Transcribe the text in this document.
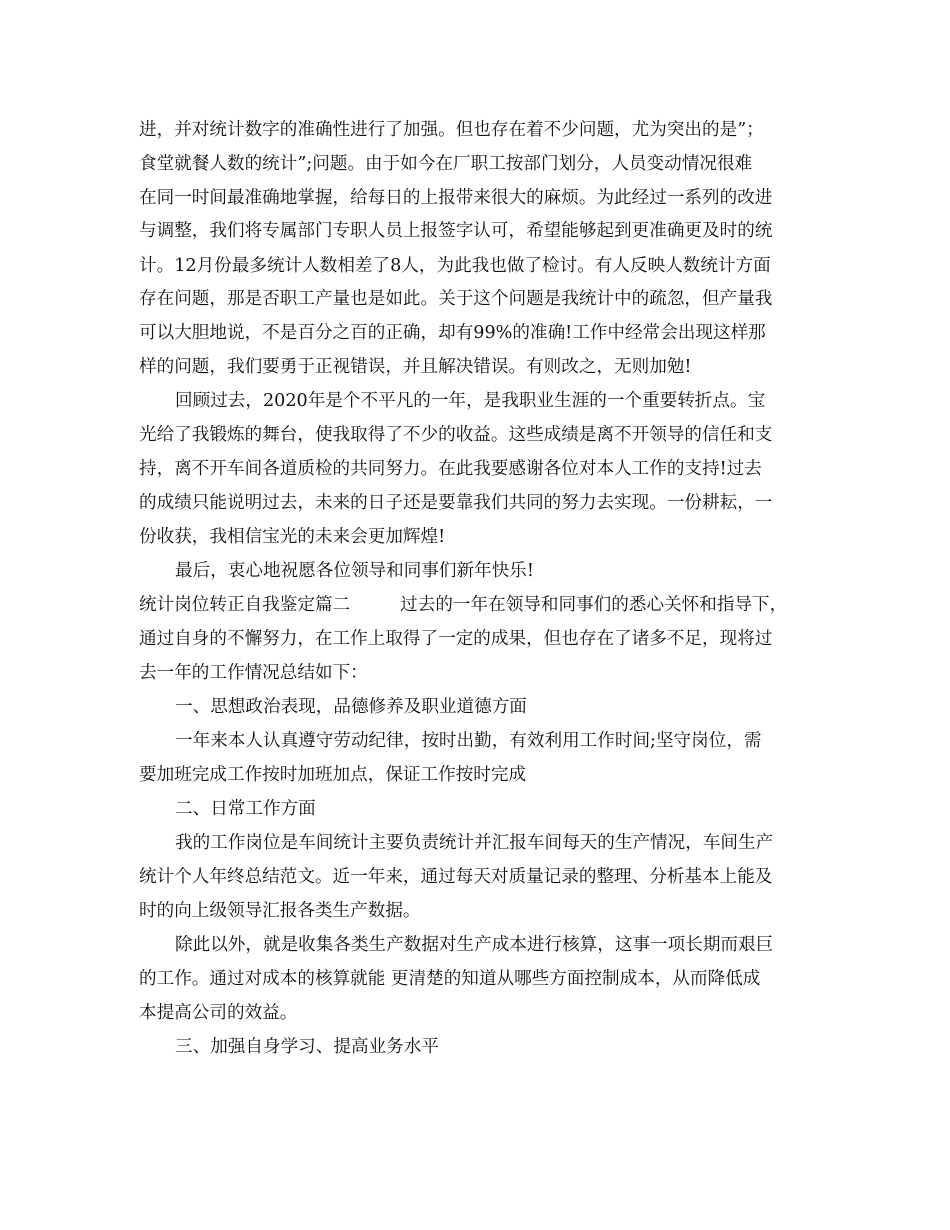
进，并对统计数字的准确性进行了加强。但也存在着不少问题，尤为突出的是”；
食堂就餐人数的统计”;问题。由于如今在厂职工按部门划分，人员变动情况很难
在同一时间最准确地掌握，给每日的上报带来很大的麻烦。为此经过一系列的改进
与调整，我们将专属部门专职人员上报签字认可，希望能够起到更准确更及时的统
计。12月份最多统计人数相差了8人，为此我也做了检讨。有人反映人数统计方面
存在问题，那是否职工产量也是如此。关于这个问题是我统计中的疏忽，但产量我
可以大胆地说，不是百分之百的正确，却有99%的准确!工作中经常会出现这样那
样的问题，我们要勇于正视错误，并且解决错误。有则改之，无则加勉!
回顾过去，2020年是个不平凡的一年，是我职业生涯的一个重要转折点。宝
光给了我锻炼的舞台，使我取得了不少的收益。这些成绩是离不开领导的信任和支
持，离不开车间各道质检的共同努力。在此我要感谢各位对本人工作的支持!过去
的成绩只能说明过去，未来的日子还是要靠我们共同的努力去实现。一份耕耘，一
份收获，我相信宝光的未来会更加辉煌!
最后，衷心地祝愿各位领导和同事们新年快乐!
统计岗位转正自我鉴定篇二	过去的一年在领导和同事们的悉心关怀和指导下，
通过自身的不懈努力，在工作上取得了一定的成果，但也存在了诸多不足，现将过
去一年的工作情况总结如下：
一、思想政治表现，品德修养及职业道德方面
一年来本人认真遵守劳动纪律，按时出勤，有效利用工作时间;坚守岗位，需
要加班完成工作按时加班加点，保证工作按时完成
二、日常工作方面
我的工作岗位是车间统计主要负责统计并汇报车间每天的生产情况，车间生产
统计个人年终总结范文。近一年来，通过每天对质量记录的整理、分析基本上能及
时的向上级领导汇报各类生产数据。
除此以外，就是收集各类生产数据对生产成本进行核算，这事一项长期而艰巨
的工作。通过对成本的核算就能 更清楚的知道从哪些方面控制成本，从而降低成
本提高公司的效益。
三、加强自身学习、提高业务水平
